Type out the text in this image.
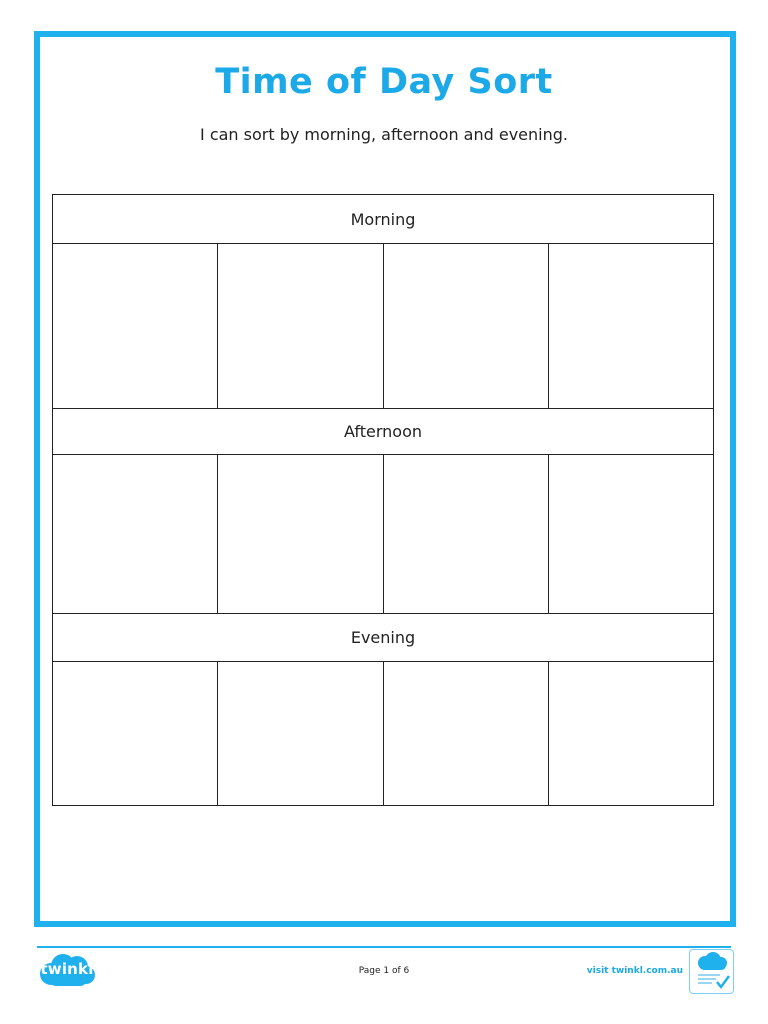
Time of Day Sort
I can sort by morning, afternoon and evening.
Morning
Afternoon
Evening
twinkl	Page 1 of 6	visit twinkl.com.au
